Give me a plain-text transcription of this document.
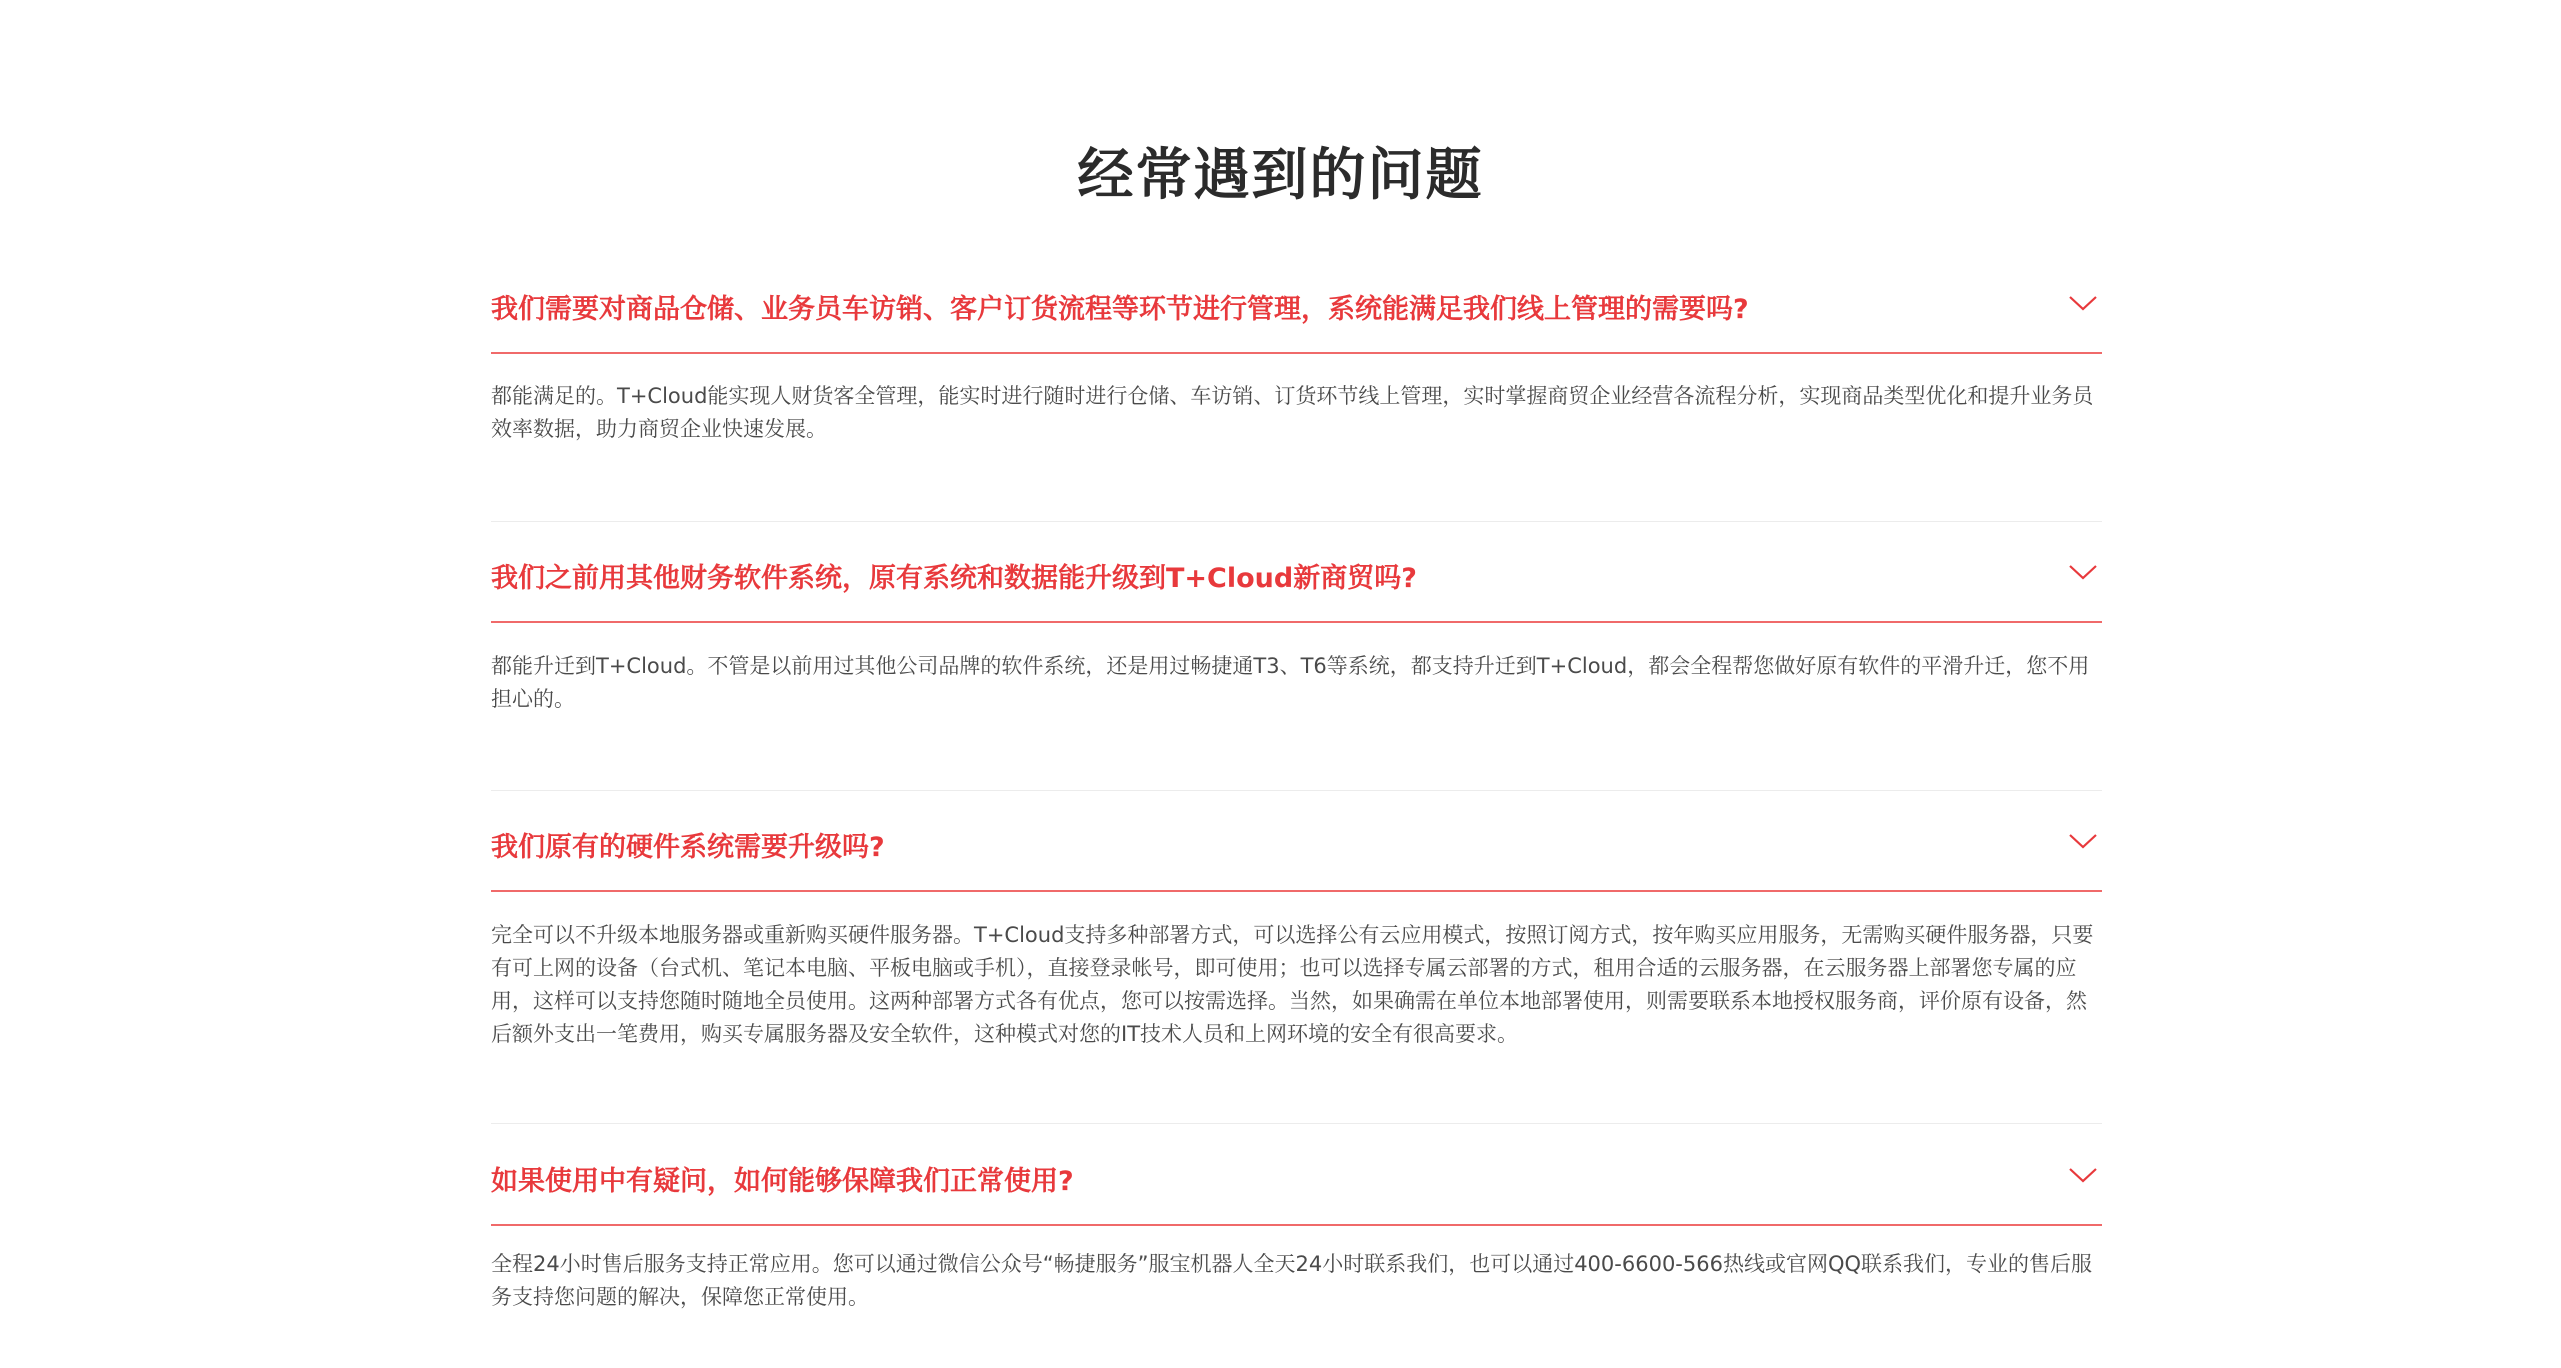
经常遇到的问题
我们需要对商品仓储、业务员车访销、客户订货流程等环节进行管理，系统能满足我们线上管理的需要吗?

都能满足的。T+Cloud能实现人财货客全管理，能实时进行随时进行仓储、车访销、订货环节线上管理，实时掌握商贸企业经营各流程分析，实现商品类型优化和提升业务员效率数据，助力商贸企业快速发展。

我们之前用其他财务软件系统，原有系统和数据能升级到T+Cloud新商贸吗?

都能升迁到T+Cloud。不管是以前用过其他公司品牌的软件系统，还是用过畅捷通T3、T6等系统，都支持升迁到T+Cloud，都会全程帮您做好原有软件的平滑升迁，您不用担心的。

我们原有的硬件系统需要升级吗?

完全可以不升级本地服务器或重新购买硬件服务器。T+Cloud支持多种部署方式，可以选择公有云应用模式，按照订阅方式，按年购买应用服务，无需购买硬件服务器，只要有可上网的设备（台式机、笔记本电脑、平板电脑或手机），直接登录帐号，即可使用；也可以选择专属云部署的方式，租用合适的云服务器，在云服务器上部署您专属的应用，这样可以支持您随时随地全员使用。这两种部署方式各有优点，您可以按需选择。当然，如果确需在单位本地部署使用，则需要联系本地授权服务商，评价原有设备，然后额外支出一笔费用，购买专属服务器及安全软件，这种模式对您的IT技术人员和上网环境的安全有很高要求。

如果使用中有疑问，如何能够保障我们正常使用?

全程24小时售后服务支持正常应用。您可以通过微信公众号“畅捷服务”服宝机器人全天24小时联系我们，也可以通过400-6600-566热线或官网QQ联系我们，专业的售后服务支持您问题的解决，保障您正常使用。
